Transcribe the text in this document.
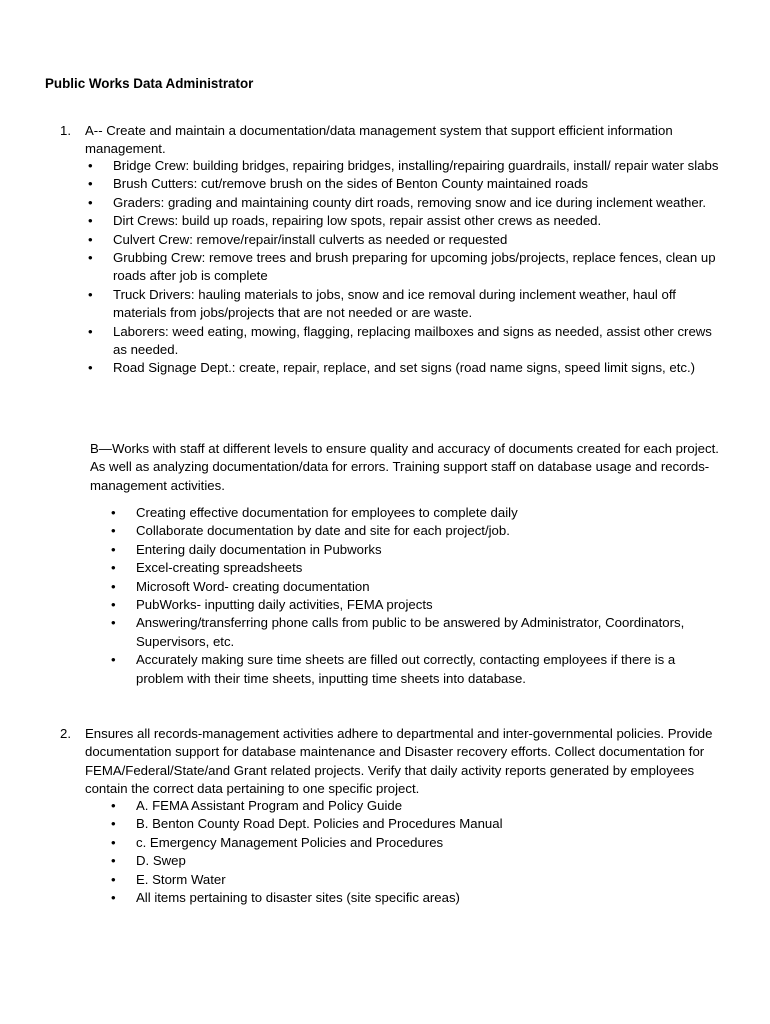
Public Works Data Administrator
1. A-- Create and maintain a documentation/data management system that support efficient information management.
• Bridge Crew: building bridges, repairing bridges, installing/repairing guardrails, install/ repair water slabs
• Brush Cutters: cut/remove brush on the sides of Benton County maintained roads
• Graders: grading and maintaining county dirt roads, removing snow and ice during inclement weather.
• Dirt Crews: build up roads, repairing low spots, repair assist other crews as needed.
• Culvert Crew: remove/repair/install culverts as needed or requested
• Grubbing Crew: remove trees and brush preparing for upcoming jobs/projects, replace fences, clean up roads after job is complete
• Truck Drivers: hauling materials to jobs, snow and ice removal during inclement weather, haul off materials from jobs/projects that are not needed or are waste.
• Laborers: weed eating, mowing, flagging, replacing mailboxes and signs as needed, assist other crews as needed.
• Road Signage Dept.: create, repair, replace, and set signs (road name signs, speed limit signs, etc.)
B—Works with staff at different levels to ensure quality and accuracy of documents created for each project. As well as analyzing documentation/data for errors. Training support staff on database usage and records-management activities.
• Creating effective documentation for employees to complete daily
• Collaborate documentation by date and site for each project/job.
• Entering daily documentation in Pubworks
• Excel-creating spreadsheets
• Microsoft Word- creating documentation
• PubWorks- inputting daily activities, FEMA projects
• Answering/transferring phone calls from public to be answered by Administrator, Coordinators, Supervisors, etc.
• Accurately making sure time sheets are filled out correctly, contacting employees if there is a problem with their time sheets, inputting time sheets into database.
2. Ensures all records-management activities adhere to departmental and inter-governmental policies. Provide documentation support for database maintenance and Disaster recovery efforts. Collect documentation for FEMA/Federal/State/and Grant related projects. Verify that daily activity reports generated by employees contain the correct data pertaining to one specific project.
• A. FEMA Assistant Program and Policy Guide
• B. Benton County Road Dept. Policies and Procedures Manual
• c. Emergency Management Policies and Procedures
• D. Swep
• E. Storm Water
• All items pertaining to disaster sites (site specific areas)
